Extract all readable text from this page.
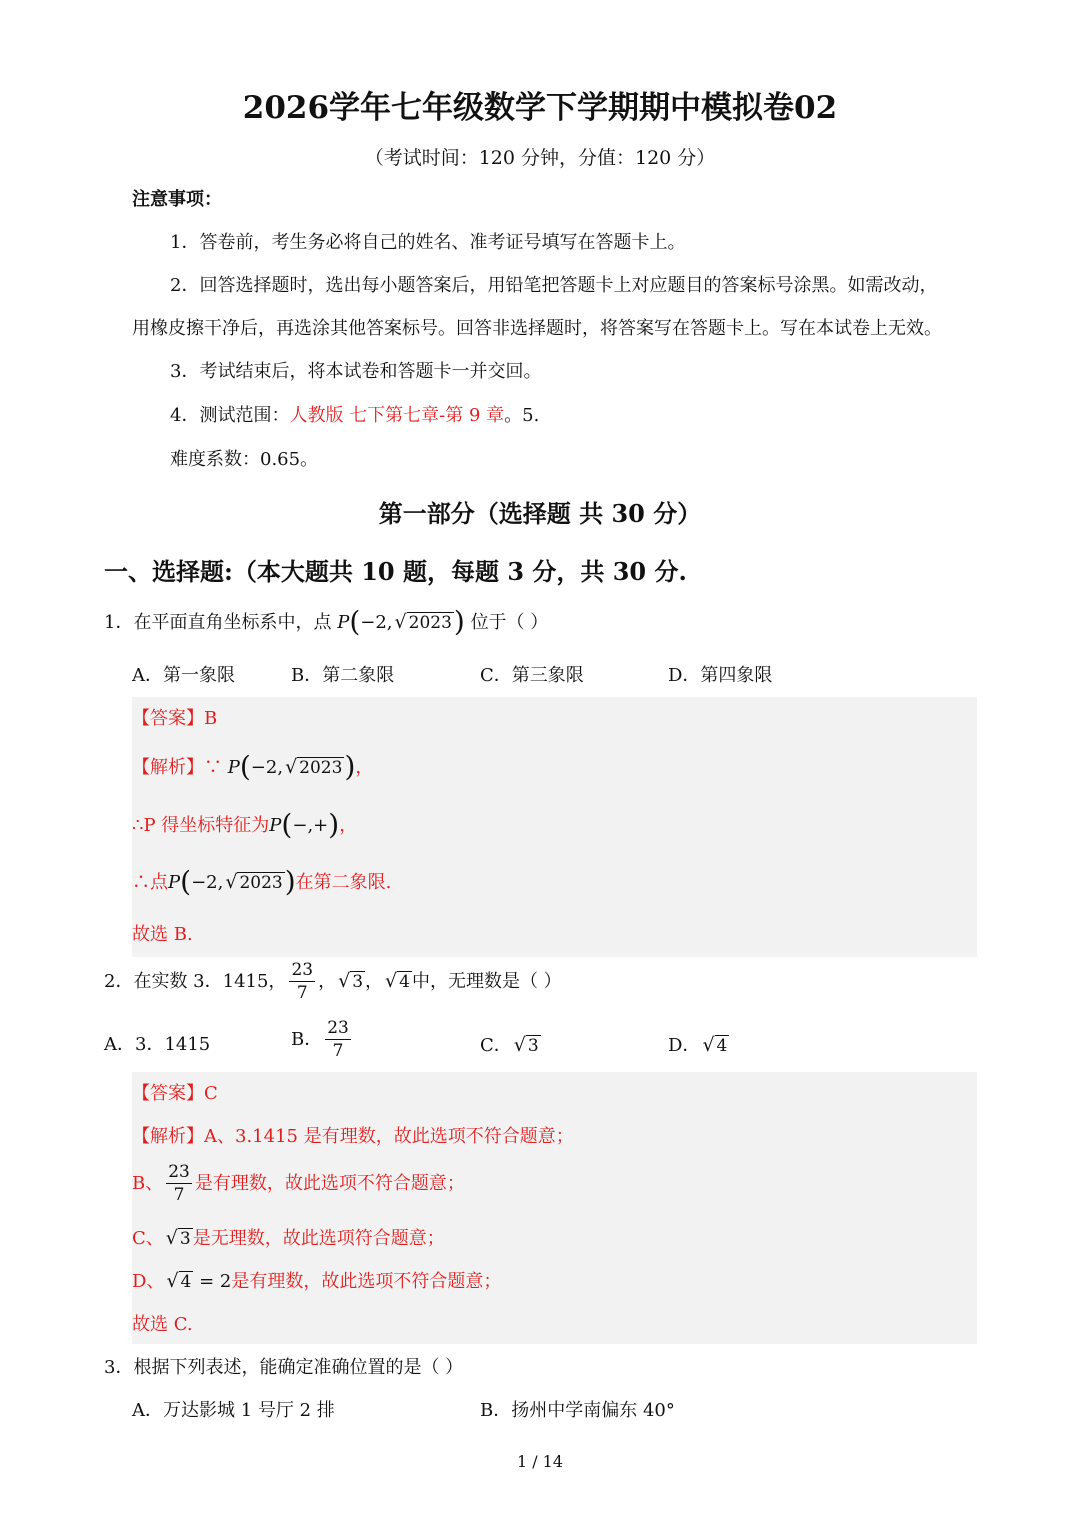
2026学年七年级数学下学期期中模拟卷02
（考试时间：120 分钟，分值：120 分）
注意事项：
1．答卷前，考生务必将自己的姓名、准考证号填写在答题卡上。
2．回答选择题时，选出每小题答案后，用铅笔把答题卡上对应题目的答案标号涂黑。如需改动，
用橡皮擦干净后，再选涂其他答案标号。回答非选择题时，将答案写在答题卡上。写在本试卷上无效。
3．考试结束后，将本试卷和答题卡一并交回。
4．测试范围：人教版 七下第七章-第 9 章。5.
难度系数：0.65。
第一部分（选择题 共 30 分）
一、选择题:（本大题共 10 题，每题 3 分，共 30 分.
1．在平面直角坐标系中，点 P(−2, √ 2023) 位于（ ）
A．第一象限	B．第二象限	C．第三象限	D．第四象限
【答案】B
【解析】∵ P(−2, √ 2023)，
∴P 得坐标特征为P(−,+)，
∴点P(−2, √ 2023)在第二象限.
故选 B.
2．在实数 3．1415， $\frac{23}{7}$ ， √ 3 ， √ 4 中，无理数是（ ）
A．3．1415	B． $\frac{23}{7}$	C． √ 3	D． √ 4
【答案】C
【解析】A、3.1415 是有理数，故此选项不符合题意；
B、 $\frac{23}{7}$ 是有理数，故此选项不符合题意；
C、 √ 3 是无理数，故此选项符合题意；
D、 √ 4 = 2是有理数，故此选项不符合题意；
故选 C.
3．根据下列表述，能确定准确位置的是（ ）
A．万达影城 1 号厅 2 排	B．扬州中学南偏东 40°
1 / 14
